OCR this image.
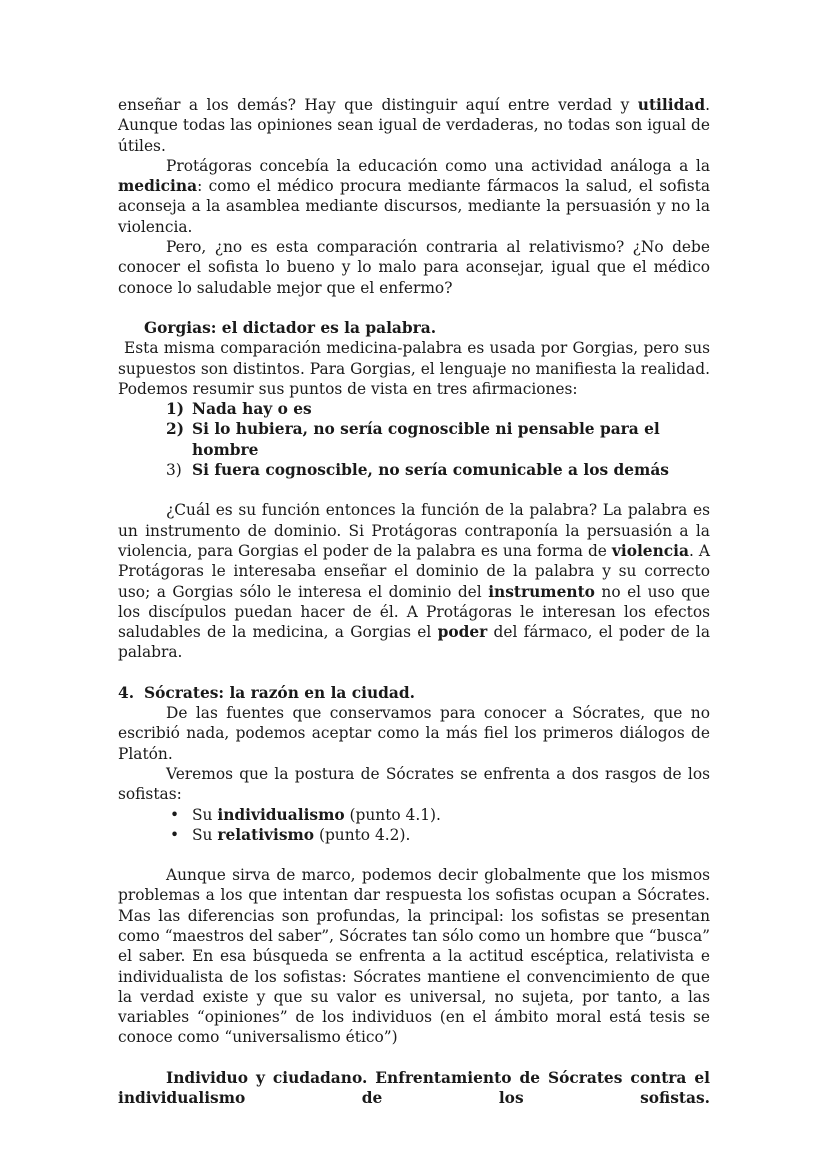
enseñar a los demás? Hay que distinguir aquí entre verdad y utilidad. Aunque todas las opiniones sean igual de verdaderas, no todas son igual de útiles.

Protágoras concebía la educación como una actividad análoga a la medicina: como el médico procura mediante fármacos la salud, el sofista aconseja a la asamblea mediante discursos, mediante la persuasión y no la violencia.

Pero, ¿no es esta comparación contraria al relativismo? ¿No debe conocer el sofista lo bueno y lo malo para aconsejar, igual que el médico conoce lo saludable mejor que el enfermo?

Gorgias: el dictador es la palabra.

Esta misma comparación medicina-palabra es usada por Gorgias, pero sus supuestos son distintos. Para Gorgias, el lenguaje no manifiesta la realidad. Podemos resumir sus puntos de vista en tres afirmaciones:

1) Nada hay o es
2) Si lo hubiera, no sería cognoscible ni pensable para el hombre
3) Si fuera cognoscible, no sería comunicable a los demás

¿Cuál es su función entonces la función de la palabra? La palabra es un instrumento de dominio. Si Protágoras contraponía la persuasión a la violencia, para Gorgias el poder de la palabra es una forma de violencia. A Protágoras le interesaba enseñar el dominio de la palabra y su correcto uso; a Gorgias sólo le interesa el dominio del instrumento no el uso que los discípulos puedan hacer de él. A Protágoras le interesan los efectos saludables de la medicina, a Gorgias el poder del fármaco, el poder de la palabra.

4. Sócrates: la razón en la ciudad.

De las fuentes que conservamos para conocer a Sócrates, que no escribió nada, podemos aceptar como la más fiel los primeros diálogos de Platón.

Veremos que la postura de Sócrates se enfrenta a dos rasgos de los sofistas:

• Su individualismo (punto 4.1).
• Su relativismo (punto 4.2).

Aunque sirva de marco, podemos decir globalmente que los mismos problemas a los que intentan dar respuesta los sofistas ocupan a Sócrates. Mas las diferencias son profundas, la principal: los sofistas se presentan como “maestros del saber”, Sócrates tan sólo como un hombre que “busca” el saber. En esa búsqueda se enfrenta a la actitud escéptica, relativista e individualista de los sofistas: Sócrates mantiene el convencimiento de que la verdad existe y que su valor es universal, no sujeta, por tanto, a las variables “opiniones” de los individuos (en el ámbito moral está tesis se conoce como “universalismo ético”)

Individuo y ciudadano. Enfrentamiento de Sócrates contra el individualismo de los sofistas.
